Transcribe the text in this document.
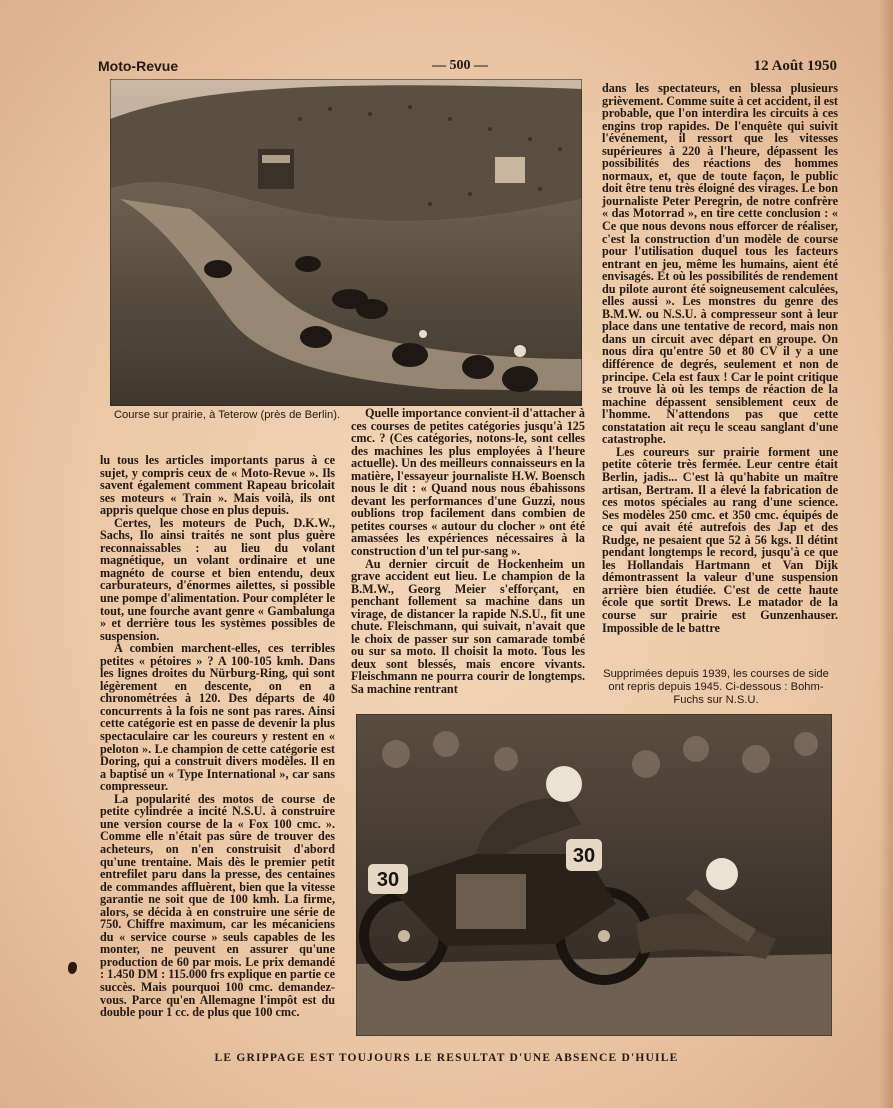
Moto-Revue	— 500 —	12 Août 1950
Course sur prairie, à Teterow (près de Berlin).

lu tous les articles importants parus à ce sujet, y compris ceux de « Moto-Revue ». Ils savent également comment Rapeau bricolait ses moteurs « Train ». Mais voilà, ils ont appris quelque chose en plus depuis.

Certes, les moteurs de Puch, D.K.W., Sachs, Ilo ainsi traités ne sont plus guère reconnaissables : au lieu du volant magnétique, un volant ordinaire et une magnéto de course et bien entendu, deux carburateurs, d'énormes ailettes, si possible une pompe d'alimentation. Pour compléter le tout, une fourche avant genre « Gambalunga » et derrière tous les systèmes possibles de suspension.

A combien marchent-elles, ces terribles petites « pétoires » ? A 100-105 kmh. Dans les lignes droites du Nürburg-Ring, qui sont légèrement en descente, on en a chronométrées à 120. Des départs de 40 concurrents à la fois ne sont pas rares. Ainsi cette catégorie est en passe de devenir la plus spectaculaire car les coureurs y restent en « peloton ». Le champion de cette catégorie est Doring, qui a construit divers modèles. Il en a baptisé un « Type International », car sans compresseur.

La popularité des motos de course de petite cylindrée a incité N.S.U. à construire une version course de la « Fox 100 cmc. ». Comme elle n'était pas sûre de trouver des acheteurs, on n'en construisit d'abord qu'une trentaine. Mais dès le premier petit entrefilet paru dans la presse, des centaines de commandes affluèrent, bien que la vitesse garantie ne soit que de 100 kmh. La firme, alors, se décida à en construire une série de 750. Chiffre maximum, car les mécaniciens du « service course » seuls capables de les monter, ne peuvent en assurer qu'une production de 60 par mois. Le prix demandé : 1.450 DM : 115.000 frs explique en partie ce succès. Mais pourquoi 100 cmc. demandez-vous. Parce qu'en Allemagne l'impôt est du double pour 1 cc. de plus que 100 cmc.

Quelle importance convient-il d'attacher à ces courses de petites catégories jusqu'à 125 cmc. ? (Ces catégories, notons-le, sont celles des machines les plus employées à l'heure actuelle). Un des meilleurs connaisseurs en la matière, l'essayeur journaliste H.W. Boensch nous le dit : « Quand nous nous ébahissons devant les performances d'une Guzzi, nous oublions trop facilement dans combien de petites courses « autour du clocher » ont été amassées les expériences nécessaires à la construction d'un tel pur-sang ».

Au dernier circuit de Hockenheim un grave accident eut lieu. Le champion de la B.M.W., Georg Meier s'efforçant, en penchant follement sa machine dans un virage, de distancer la rapide N.S.U., fit une chute. Fleischmann, qui suivait, n'avait que le choix de passer sur son camarade tombé ou sur sa moto. Il choisit la moto. Tous les deux sont blessés, mais encore vivants. Fleischmann ne pourra courir de longtemps. Sa machine rentrant

dans les spectateurs, en blessa plusieurs grièvement. Comme suite à cet accident, il est probable, que l'on interdira les circuits à ces engins trop rapides. De l'enquête qui suivit l'événement, il ressort que les vitesses supérieures à 220 à l'heure, dépassent les possibilités des réactions des hommes normaux, et, que de toute façon, le public doit être tenu très éloigné des virages. Le bon journaliste Peter Peregrin, de notre confrère « das Motorrad », en tire cette conclusion : « Ce que nous devons nous efforcer de réaliser, c'est la construction d'un modèle de course pour l'utilisation duquel tous les facteurs entrant en jeu, même les humains, aient été envisagés. Et où les possibilités de rendement du pilote auront été soigneusement calculées, elles aussi ». Les monstres du genre des B.M.W. ou N.S.U. à compresseur sont à leur place dans une tentative de record, mais non dans un circuit avec départ en groupe. On nous dira qu'entre 50 et 80 CV il y a une différence de degrés, seulement et non de principe. Cela est faux ! Car le point critique se trouve là où les temps de réaction de la machine dépassent sensiblement ceux de l'homme. N'attendons pas que cette constatation ait reçu le sceau sanglant d'une catastrophe.

Les coureurs sur prairie forment une petite côterie très fermée. Leur centre était Berlin, jadis... C'est là qu'habite un maître artisan, Bertram. Il a élevé la fabrication de ces motos spéciales au rang d'une science. Ses modèles 250 cmc. et 350 cmc. équipés de ce qui avait été autrefois des Jap et des Rudge, ne pesaient que 52 à 56 kgs. Il détint pendant longtemps le record, jusqu'à ce que les Hollandais Hartmann et Van Dijk démontrassent la valeur d'une suspension arrière bien étudiée. C'est de cette haute école que sortit Drews. Le matador de la course sur prairie est Gunzenhauser. Impossible de le battre

Supprimées depuis 1939, les courses de side ont repris depuis 1945. Ci-dessous : Bohm-Fuchs sur N.S.U.
30
30
LE GRIPPAGE EST TOUJOURS LE RESULTAT D'UNE ABSENCE D'HUILE
